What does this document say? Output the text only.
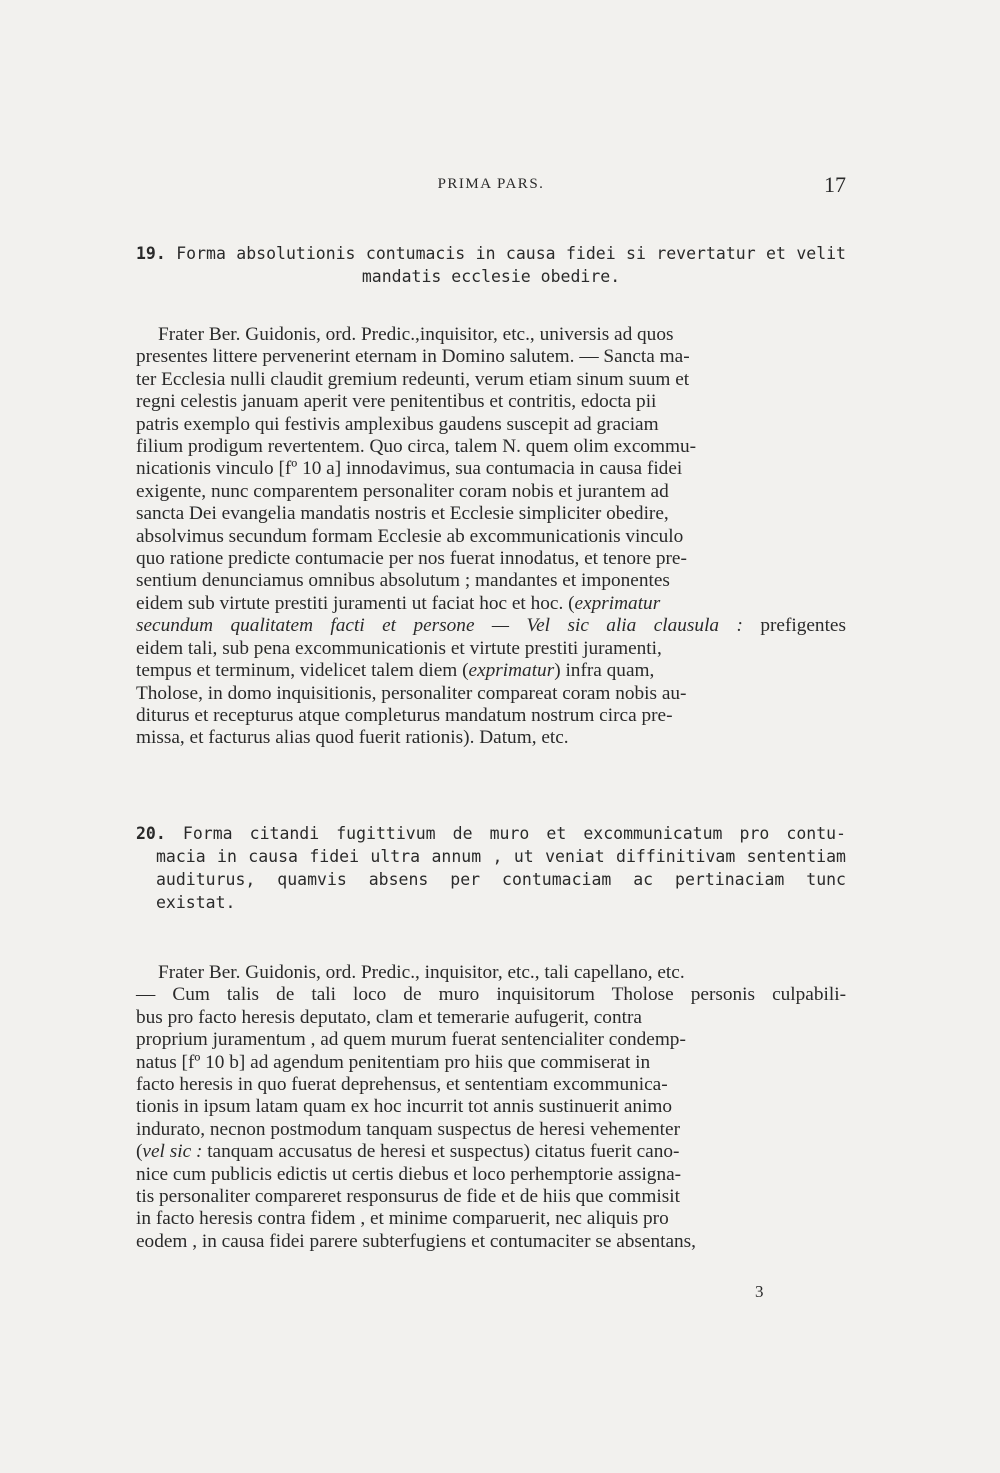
PRIMA PARS.	17
19. Forma absolutionis contumacis in causa fidei si revertatur et velit
mandatis ecclesie obedire.
Frater Ber. Guidonis, ord. Predic.,inquisitor, etc., universis ad quos
presentes littere pervenerint eternam in Domino salutem. — Sancta ma-
ter Ecclesia nulli claudit gremium redeunti, verum etiam sinum suum et
regni celestis januam aperit vere penitentibus et contritis, edocta pii
patris exemplo qui festivis amplexibus gaudens suscepit ad graciam
filium prodigum revertentem. Quo circa, talem N. quem olim excommu-
nicationis vinculo [fº 10 a] innodavimus, sua contumacia in causa fidei
exigente, nunc comparentem personaliter coram nobis et jurantem ad
sancta Dei evangelia mandatis nostris et Ecclesie simpliciter obedire,
absolvimus secundum formam Ecclesie ab excommunicationis vinculo
quo ratione predicte contumacie per nos fuerat innodatus, et tenore pre-
sentium denunciamus omnibus absolutum ; mandantes et imponentes
eidem sub virtute prestiti juramenti ut faciat hoc et hoc. (exprimatur
secundum qualitatem facti et persone — Vel sic alia clausula : prefigentes
eidem tali, sub pena excommunicationis et virtute prestiti juramenti,
tempus et terminum, videlicet talem diem (exprimatur) infra quam,
Tholose, in domo inquisitionis, personaliter compareat coram nobis au-
diturus et recepturus atque completurus mandatum nostrum circa pre-
missa, et facturus alias quod fuerit rationis). Datum, etc.
20. Forma citandi fugittivum de muro et excommunicatum pro contu-
macia in causa fidei ultra annum , ut veniat diffinitivam sententiam
auditurus, quamvis absens per contumaciam ac pertinaciam tunc
existat.
Frater Ber. Guidonis, ord. Predic., inquisitor, etc., tali capellano, etc.
— Cum talis de tali loco de muro inquisitorum Tholose personis culpabili-
bus pro facto heresis deputato, clam et temerarie aufugerit, contra
proprium juramentum , ad quem murum fuerat sentencialiter condemp-
natus [fº 10 b] ad agendum penitentiam pro hiis que commiserat in
facto heresis in quo fuerat deprehensus, et sententiam excommunica-
tionis in ipsum latam quam ex hoc incurrit tot annis sustinuerit animo
indurato, necnon postmodum tanquam suspectus de heresi vehementer
(vel sic : tanquam accusatus de heresi et suspectus) citatus fuerit cano-
nice cum publicis edictis ut certis diebus et loco perhemptorie assigna-
tis personaliter compareret responsurus de fide et de hiis que commisit
in facto heresis contra fidem , et minime comparuerit, nec aliquis pro
eodem , in causa fidei parere subterfugiens et contumaciter se absentans,
3
